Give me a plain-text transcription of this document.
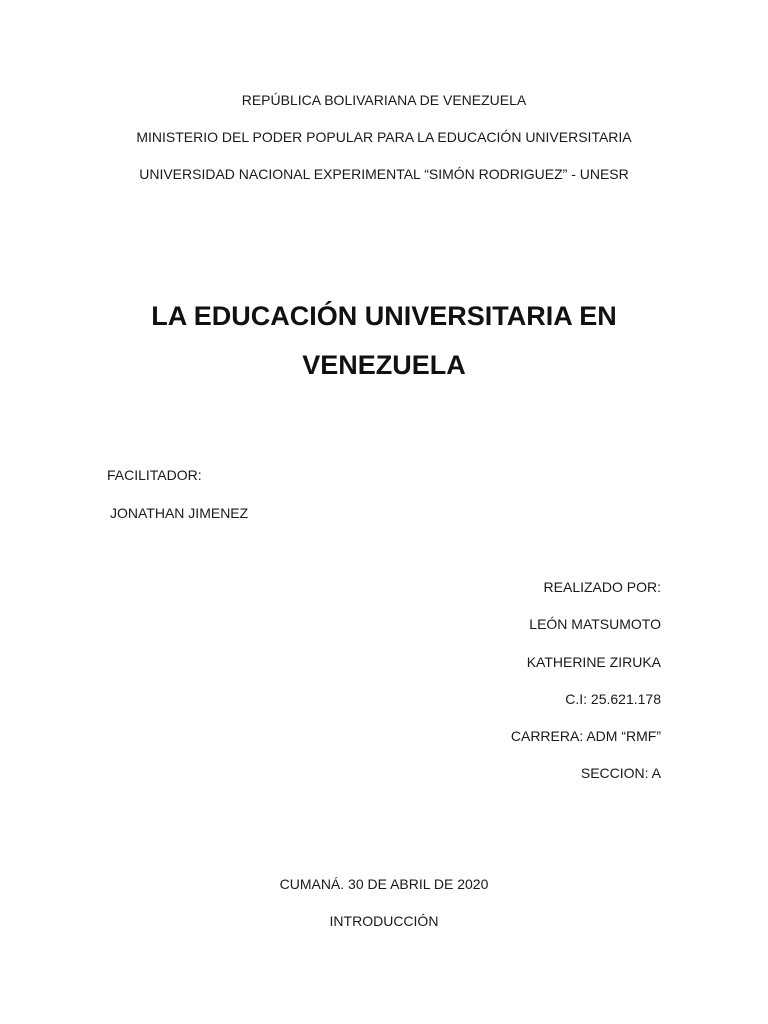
REPÚBLICA BOLIVARIANA DE VENEZUELA
MINISTERIO DEL PODER POPULAR PARA LA EDUCACIÓN UNIVERSITARIA
UNIVERSIDAD NACIONAL EXPERIMENTAL “SIMÓN RODRIGUEZ” - UNESR
LA EDUCACIÓN UNIVERSITARIA EN
VENEZUELA
FACILITADOR:
JONATHAN JIMENEZ
REALIZADO POR:
LEÓN MATSUMOTO
KATHERINE ZIRUKA
C.I: 25.621.178
CARRERA: ADM “RMF”
SECCION: A
CUMANÁ. 30 DE ABRIL DE 2020
INTRODUCCIÓN
